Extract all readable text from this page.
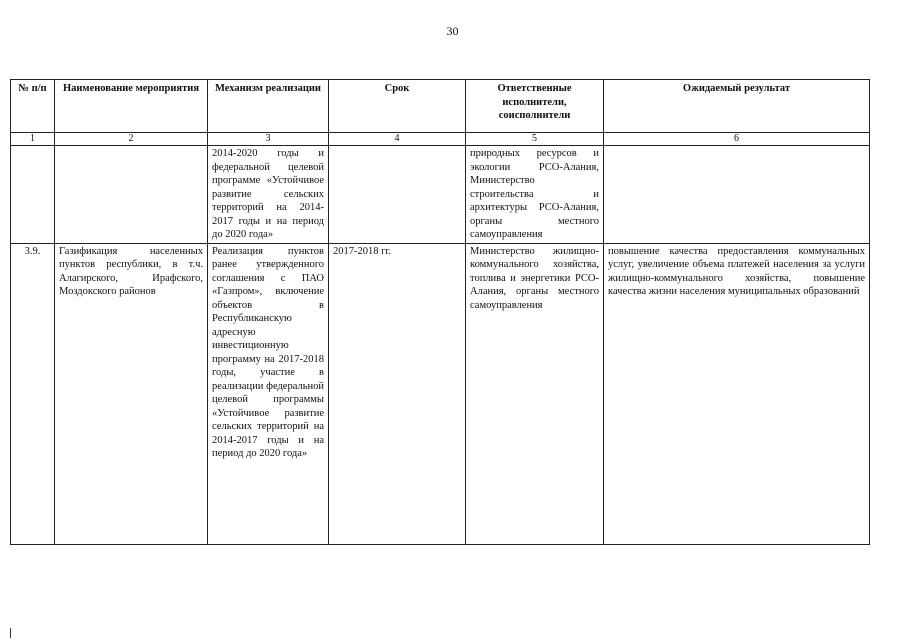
30
№ п/п	Наименование мероприятия	Механизм реализации	Срок	Ответственные исполнители, соисполнители	Ожидаемый результат
1	2	3	4	5	6
		2014-2020 годы и федеральной целевой программе «Устойчивое развитие сельских территорий на 2014-2017 годы и на период до 2020 года»		природных ресурсов и экологии РСО-Алания, Министерство строительства и архитектуры РСО-Алания, органы местного самоуправления	
3.9.	Газификация населенных пунктов республики, в т.ч. Алагирского, Ирафского, Моздокского районов	Реализация пунктов ранее утвержденного соглашения с ПАО «Газпром», включение объектов в Республиканскую адресную инвестиционную программу на 2017-2018 годы, участие в реализации федеральной целевой программы «Устойчивое развитие сельских территорий на 2014-2017 годы и на период до 2020 года»	2017-2018 гг.	Министерство жилищно-коммунального хозяйства, топлива и энергетики РСО-Алания, органы местного самоуправления	повышение качества предоставления коммунальных услуг, увеличение объема платежей населения за услуги жилищно-коммунального хозяйства, повышение качества жизни населения муниципальных образований
